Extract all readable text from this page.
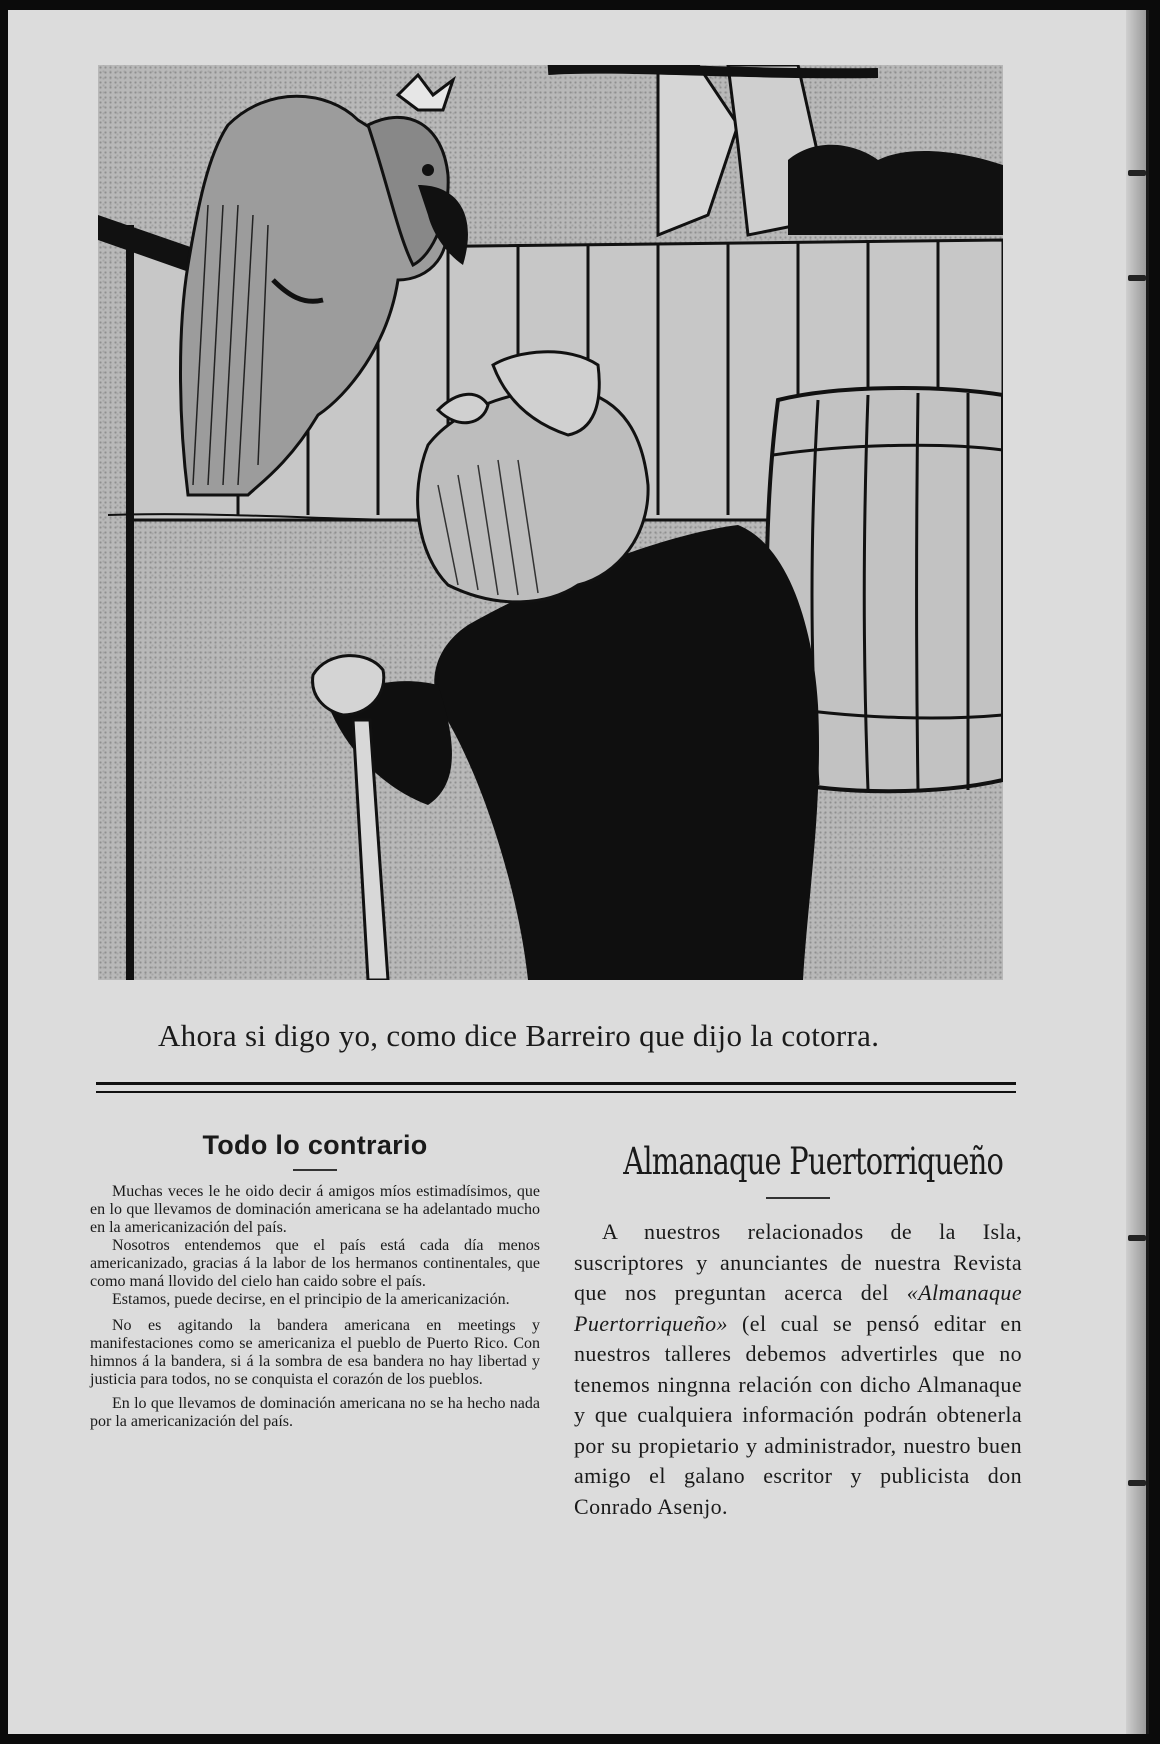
Ahora si digo yo, como dice Barreiro que dijo la cotorra.
Todo lo contrario

Muchas veces le he oido decir á amigos míos estimadísimos, que en lo que llevamos de dominación americana se ha adelantado mucho en la americanización del país.

Nosotros entendemos que el país está cada día menos americanizado, gracias á la labor de los hermanos continentales, que como maná llovido del cielo han caido sobre el país.

Estamos, puede decirse, en el principio de la americanización.

No es agitando la bandera americana en meetings y manifestaciones como se americaniza el pueblo de Puerto Rico. Con himnos á la bandera, si á la sombra de esa bandera no hay libertad y justicia para todos, no se conquista el corazón de los pueblos.

En lo que llevamos de dominación americana no se ha hecho nada por la americanización del país.

Almanaque Puertorriqueño

A nuestros relacionados de la Isla, suscriptores y anunciantes de nuestra Revista que nos preguntan acerca del «Almanaque Puertorriqueño» (el cual se pensó editar en nuestros talleres debemos advertirles que no tenemos ningnna relación con dicho Almanaque y que cualquiera información podrán obtenerla por su propietario y administrador, nuestro buen amigo el galano escritor y publicista don Conrado Asenjo.
